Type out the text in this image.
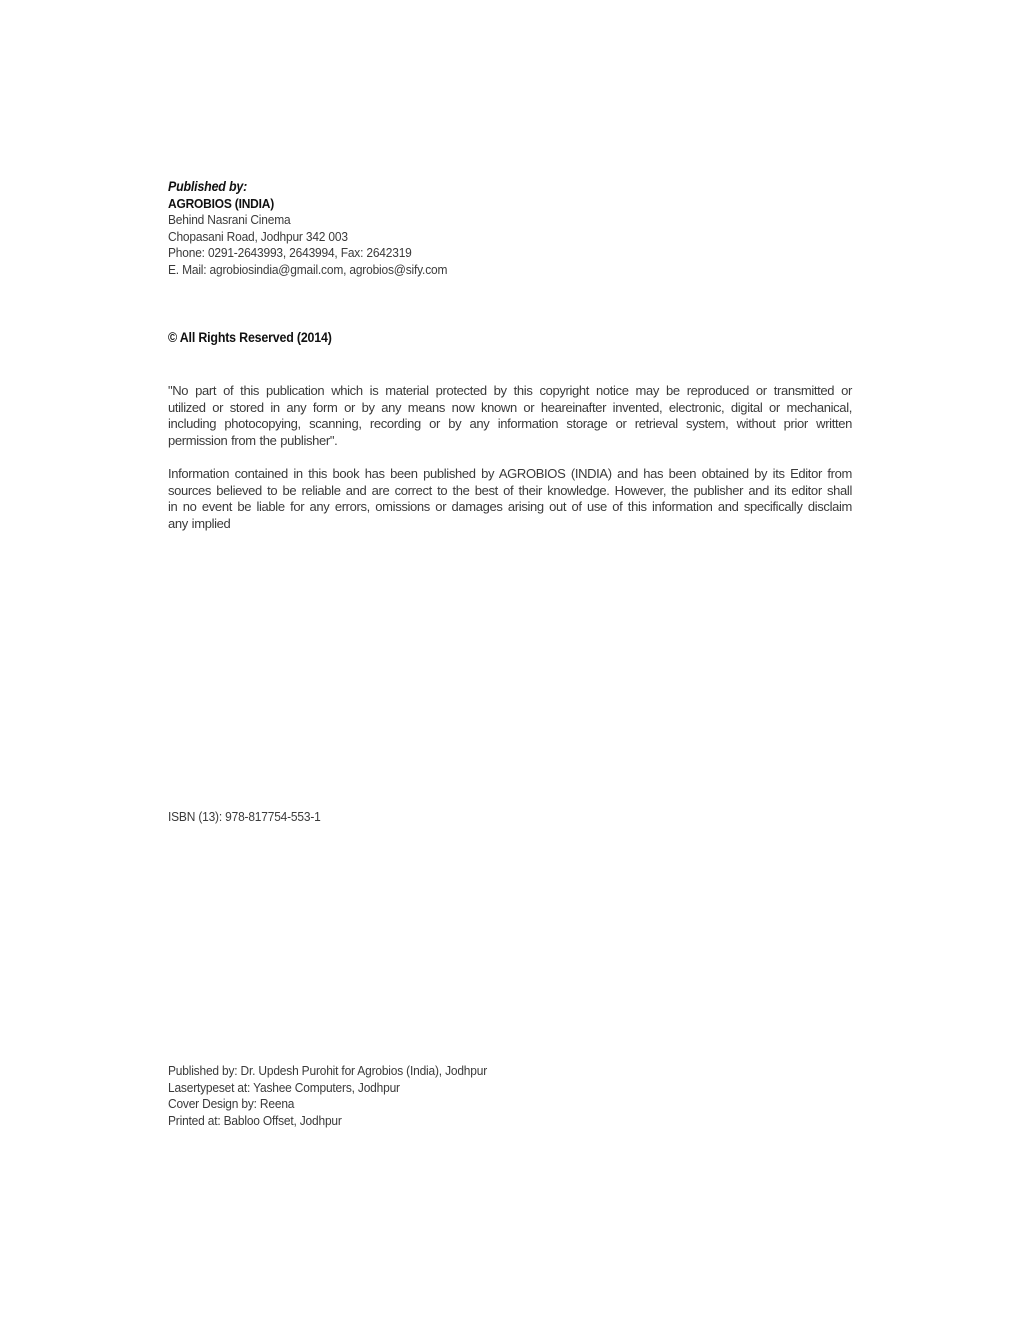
Published by:
AGROBIOS (INDIA)
Behind Nasrani Cinema
Chopasani Road, Jodhpur 342 003
Phone: 0291-2643993, 2643994, Fax: 2642319
E. Mail: agrobiosindia@gmail.com, agrobios@sify.com
© All Rights Reserved (2014)
"No part of this publication which is material protected by this copyright notice may be reproduced or transmitted or
utilized or stored in any form or by any means now known or heareinafter invented, electronic, digital or mechanical,
including photocopying, scanning, recording or by any information storage or retrieval system, without prior written
permission from the publisher".
Information contained in this book has been published by AGROBIOS (INDIA) and has been obtained by its Editor from
sources believed to be reliable and are correct to the best of their knowledge. However, the publisher and its editor shall
in no event be liable for any errors, omissions or damages arising out of use of this information and specifically disclaim
any implied
ISBN (13): 978-817754-553-1
Published by: Dr. Updesh Purohit for Agrobios (India), Jodhpur
Lasertypeset at: Yashee Computers, Jodhpur
Cover Design by: Reena
Printed at: Babloo Offset, Jodhpur
